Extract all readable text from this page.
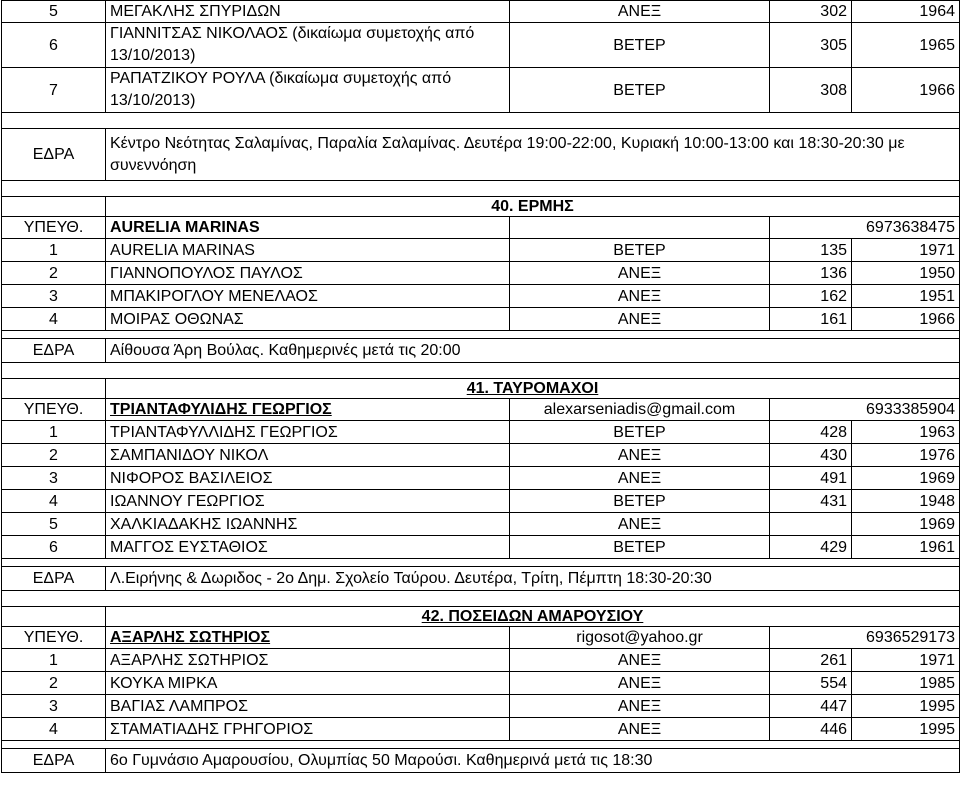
5	ΜΕΓΑΚΛΗΣ ΣΠΥΡΙΔΩΝ	ΑΝΕΞ	302	1964
6	ΓΙΑΝΝΙΤΣΑΣ ΝΙΚΟΛΑΟΣ (δικαίωμα συμετοχής από 13/10/2013)	ΒΕΤΕΡ	305	1965
7	ΡΑΠΑΤΖΙΚΟΥ ΡΟΥΛΑ (δικαίωμα συμετοχής από 13/10/2013)	ΒΕΤΕΡ	308	1966

ΕΔΡΑ	Κέντρο Νεότητας Σαλαμίνας, Παραλία Σαλαμίνας. Δευτέρα 19:00-22:00, Κυριακή 10:00-13:00 και 18:30-20:30 με συνεννόηση			

	40. ΕΡΜΗΣ			
ΥΠΕΥΘ.	AURELIA MARINAS		6973638475	
1	AURELIA MARINAS	ΒΕΤΕΡ	135	1971
2	ΓΙΑΝΝΟΠΟΥΛΟΣ ΠΑΥΛΟΣ	ΑΝΕΞ	136	1950
3	ΜΠΑΚΙΡΟΓΛΟΥ ΜΕΝΕΛΑΟΣ	ΑΝΕΞ	162	1951
4	ΜΟΙΡΑΣ ΟΘΩΝΑΣ	ΑΝΕΞ	161	1966

ΕΔΡΑ	Αίθουσα Άρη Βούλας. Καθημερινές μετά τις 20:00			

	41. ΤΑΥΡΟΜΑΧΟΙ			
ΥΠΕΥΘ.	ΤΡΙΑΝΤΑΦΥΛΙΔΗΣ ΓΕΩΡΓΙΟΣ	alexarseniadis@gmail.com	6933385904	
1	ΤΡΙΑΝΤΑΦΥΛΛΙΔΗΣ ΓΕΩΡΓΙΟΣ	ΒΕΤΕΡ	428	1963
2	ΣΑΜΠΑΝΙΔΟΥ ΝΙΚΟΛ	ΑΝΕΞ	430	1976
3	ΝΙΦΟΡΟΣ ΒΑΣΙΛΕΙΟΣ	ΑΝΕΞ	491	1969
4	ΙΩΑΝΝΟΥ ΓΕΩΡΓΙΟΣ	ΒΕΤΕΡ	431	1948
5	ΧΑΛΚΙΑΔΑΚΗΣ ΙΩΑΝΝΗΣ	ΑΝΕΞ		1969
6	ΜΑΓΓΟΣ ΕΥΣΤΑΘΙΟΣ	ΒΕΤΕΡ	429	1961

ΕΔΡΑ	Λ.Ειρήνης & Δωριδος - 2ο Δημ. Σχολείο Ταύρου. Δευτέρα, Τρίτη, Πέμπτη 18:30-20:30			

	42. ΠΟΣΕΙΔΩΝ ΑΜΑΡΟΥΣΙΟΥ			
ΥΠΕΥΘ.	ΑΞΑΡΛΗΣ ΣΩΤΗΡΙΟΣ	rigosot@yahoo.gr	6936529173	
1	ΑΞΑΡΛΗΣ ΣΩΤΗΡΙΟΣ	ΑΝΕΞ	261	1971
2	ΚΟΥΚΑ ΜΙΡΚΑ	ΑΝΕΞ	554	1985
3	ΒΑΓΙΑΣ ΛΑΜΠΡΟΣ	ΑΝΕΞ	447	1995
4	ΣΤΑΜΑΤΙΑΔΗΣ ΓΡΗΓΟΡΙΟΣ	ΑΝΕΞ	446	1995

ΕΔΡΑ	6ο Γυμνάσιο Αμαρουσίου, Ολυμπίας 50 Μαρούσι. Καθημερινά μετά τις 18:30			
